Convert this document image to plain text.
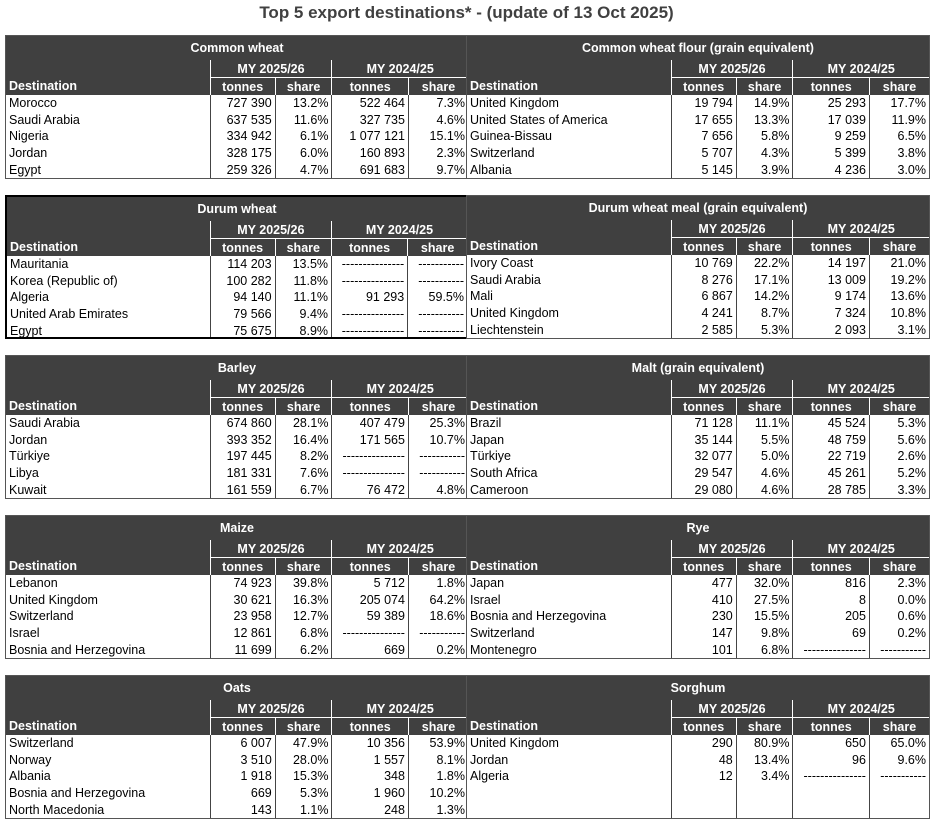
Top 5 export destinations* - (update of 13 Oct 2025)
Common wheat				
	MY 2025/26		MY 2024/25	
Destination	tonnes	share	tonnes	share
Morocco	727 390	13.2%	522 464	7.3%
Saudi Arabia	637 535	11.6%	327 735	4.6%
Nigeria	334 942	6.1%	1 077 121	15.1%
Jordan	328 175	6.0%	160 893	2.3%
Egypt	259 326	4.7%	691 683	9.7%
Common wheat flour (grain equivalent)				
	MY 2025/26		MY 2024/25	
Destination	tonnes	share	tonnes	share
United Kingdom	19 794	14.9%	25 293	17.7%
United States of America	17 655	13.3%	17 039	11.9%
Guinea-Bissau	7 656	5.8%	9 259	6.5%
Switzerland	5 707	4.3%	5 399	3.8%
Albania	5 145	3.9%	4 236	3.0%
Durum wheat				
	MY 2025/26		MY 2024/25	
Destination	tonnes	share	tonnes	share
Mauritania	114 203	13.5%	---------------	-----------
Korea (Republic of)	100 282	11.8%	---------------	-----------
Algeria	94 140	11.1%	91 293	59.5%
United Arab Emirates	79 566	9.4%	---------------	-----------
Egypt	75 675	8.9%	---------------	-----------
Durum wheat meal (grain equivalent)				
	MY 2025/26		MY 2024/25	
Destination	tonnes	share	tonnes	share
Ivory Coast	10 769	22.2%	14 197	21.0%
Saudi Arabia	8 276	17.1%	13 009	19.2%
Mali	6 867	14.2%	9 174	13.6%
United Kingdom	4 241	8.7%	7 324	10.8%
Liechtenstein	2 585	5.3%	2 093	3.1%
Barley				
	MY 2025/26		MY 2024/25	
Destination	tonnes	share	tonnes	share
Saudi Arabia	674 860	28.1%	407 479	25.3%
Jordan	393 352	16.4%	171 565	10.7%
Türkiye	197 445	8.2%	---------------	-----------
Libya	181 331	7.6%	---------------	-----------
Kuwait	161 559	6.7%	76 472	4.8%
Malt (grain equivalent)				
	MY 2025/26		MY 2024/25	
Destination	tonnes	share	tonnes	share
Brazil	71 128	11.1%	45 524	5.3%
Japan	35 144	5.5%	48 759	5.6%
Türkiye	32 077	5.0%	22 719	2.6%
South Africa	29 547	4.6%	45 261	5.2%
Cameroon	29 080	4.6%	28 785	3.3%
Maize				
	MY 2025/26		MY 2024/25	
Destination	tonnes	share	tonnes	share
Lebanon	74 923	39.8%	5 712	1.8%
United Kingdom	30 621	16.3%	205 074	64.2%
Switzerland	23 958	12.7%	59 389	18.6%
Israel	12 861	6.8%	---------------	-----------
Bosnia and Herzegovina	11 699	6.2%	669	0.2%
Rye				
	MY 2025/26		MY 2024/25	
Destination	tonnes	share	tonnes	share
Japan	477	32.0%	816	2.3%
Israel	410	27.5%	8	0.0%
Bosnia and Herzegovina	230	15.5%	205	0.6%
Switzerland	147	9.8%	69	0.2%
Montenegro	101	6.8%	---------------	-----------
Oats				
	MY 2025/26		MY 2024/25	
Destination	tonnes	share	tonnes	share
Switzerland	6 007	47.9%	10 356	53.9%
Norway	3 510	28.0%	1 557	8.1%
Albania	1 918	15.3%	348	1.8%
Bosnia and Herzegovina	669	5.3%	1 960	10.2%
North Macedonia	143	1.1%	248	1.3%
Sorghum				
	MY 2025/26		MY 2024/25	
Destination	tonnes	share	tonnes	share
United Kingdom	290	80.9%	650	65.0%
Jordan	48	13.4%	96	9.6%
Algeria	12	3.4%	---------------	-----------
